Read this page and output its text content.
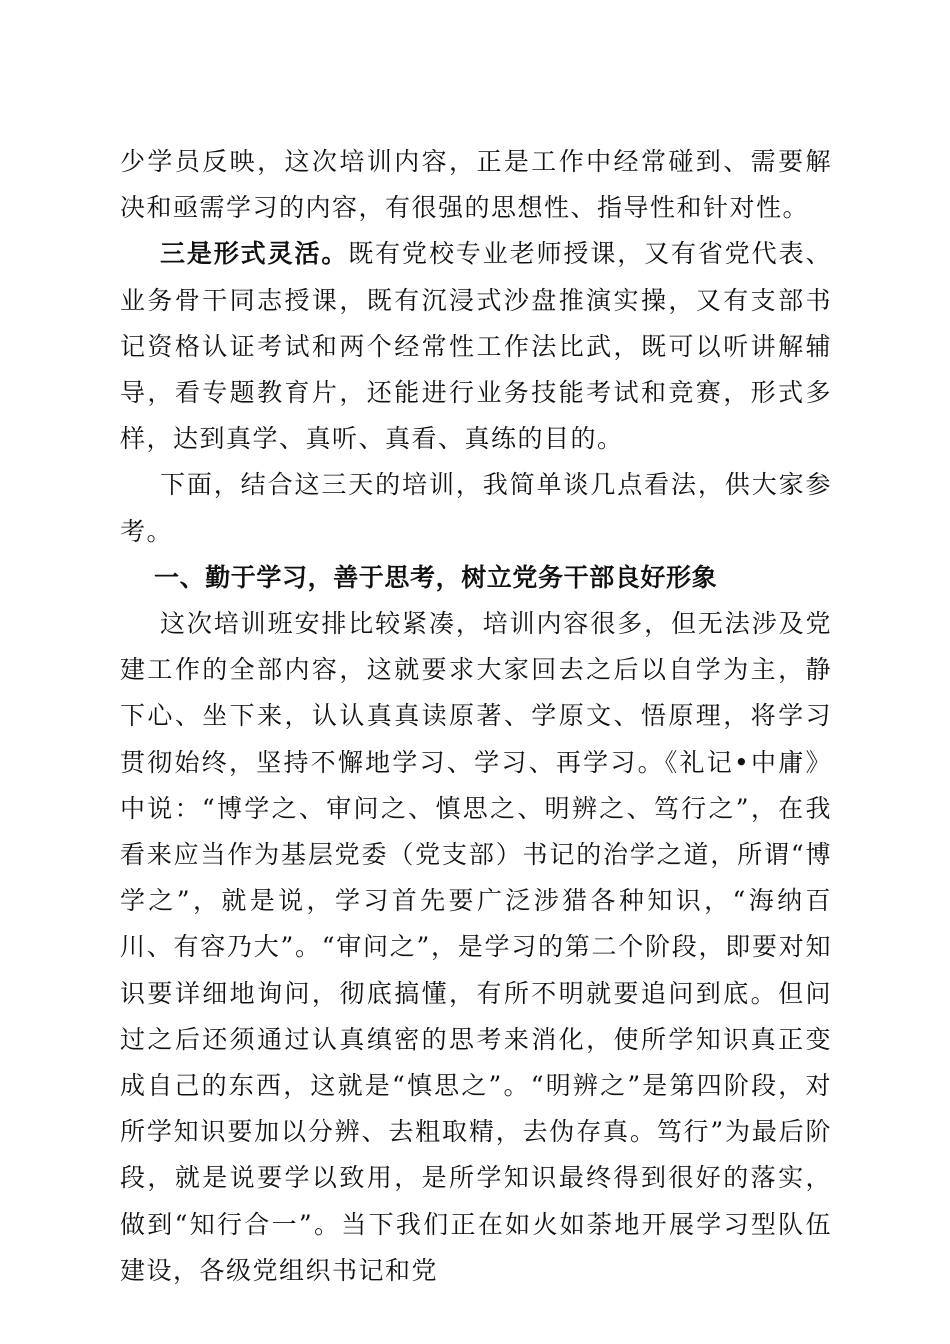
少学员反映，这次培训内容，正是工作中经常碰到、需要解决和亟需学习的内容，有很强的思想性、指导性和针对性。

三是形式灵活。既有党校专业老师授课，又有省党代表、业务骨干同志授课，既有沉浸式沙盘推演实操，又有支部书记资格认证考试和两个经常性工作法比武，既可以听讲解辅导，看专题教育片，还能进行业务技能考试和竞赛，形式多样，达到真学、真听、真看、真练的目的。

下面，结合这三天的培训，我简单谈几点看法，供大家参考。

一、勤于学习，善于思考，树立党务干部良好形象

这次培训班安排比较紧凑，培训内容很多，但无法涉及党建工作的全部内容，这就要求大家回去之后以自学为主，静下心、坐下来，认认真真读原著、学原文、悟原理，将学习贯彻始终，坚持不懈地学习、学习、再学习。《礼记•中庸》中说：“博学之、审问之、慎思之、明辨之、笃行之”，在我看来应当作为基层党委（党支部）书记的治学之道，所谓“博学之”，就是说，学习首先要广泛涉猎各种知识，“海纳百川、有容乃大”。“审问之”，是学习的第二个阶段，即要对知识要详细地询问，彻底搞懂，有所不明就要追问到底。但问过之后还须通过认真缜密的思考来消化，使所学知识真正变成自己的东西，这就是“慎思之”。“明辨之”是第四阶段，对所学知识要加以分辨、去粗取精，去伪存真。笃行”为最后阶段，就是说要学以致用，是所学知识最终得到很好的落实，做到“知行合一”。当下我们正在如火如荼地开展学习型队伍建设，各级党组织书记和党
